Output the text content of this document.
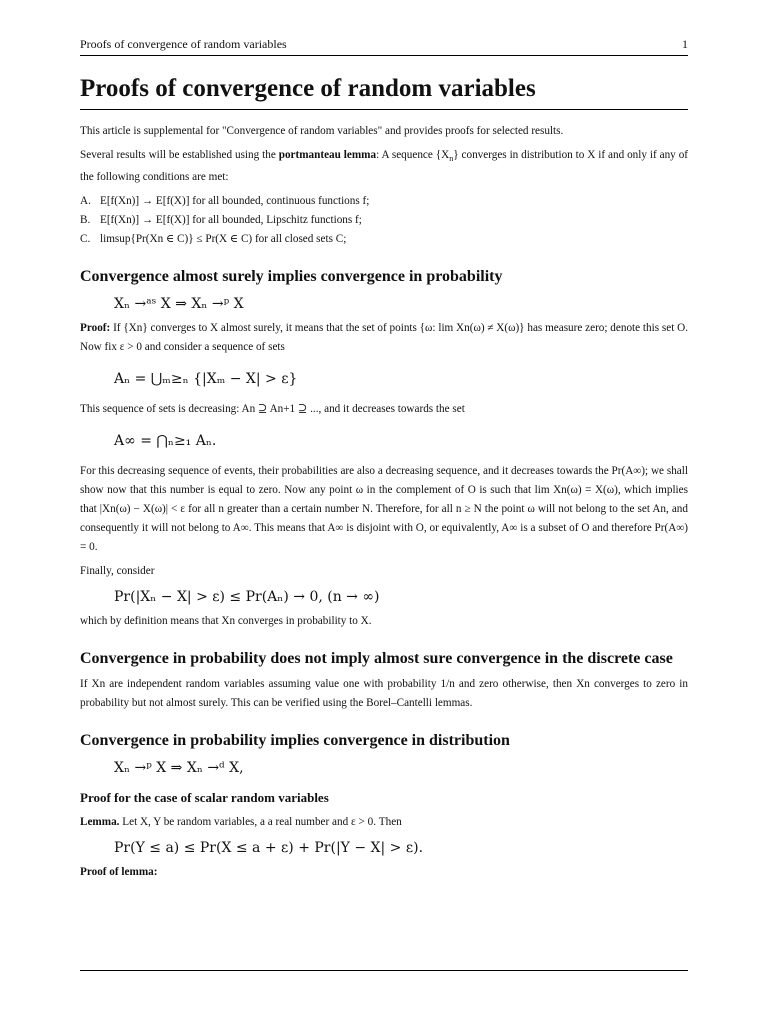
Proofs of convergence of random variables	1
Proofs of convergence of random variables

This article is supplemental for "Convergence of random variables" and provides proofs for selected results.

Several results will be established using the portmanteau lemma: A sequence $\{X_n\}$ converges in distribution to X if and only if any of the following conditions are met:

A. E[f(Xn)] → E[f(X)] for all bounded, continuous functions f;
B. E[f(Xn)] → E[f(X)] for all bounded, Lipschitz functions f;
C. limsup{Pr(Xn ∈ C)} ≤ Pr(X ∈ C) for all closed sets C;
Convergence almost surely implies convergence in probability
Xₙ →ᵃˢ X ⇒ Xₙ →ᵖ X

Proof: If {Xn} converges to X almost surely, it means that the set of points {ω: lim Xn(ω) ≠ X(ω)} has measure zero; denote this set O. Now fix ε > 0 and consider a sequence of sets

Aₙ = ⋃ₘ≥ₙ {|Xₘ − X| > ε}

This sequence of sets is decreasing: An ⊇ An+1 ⊇ ..., and it decreases towards the set

A∞ = ⋂ₙ≥₁ Aₙ.

For this decreasing sequence of events, their probabilities are also a decreasing sequence, and it decreases towards the Pr(A∞); we shall show now that this number is equal to zero. Now any point ω in the complement of O is such that lim Xn(ω) = X(ω), which implies that |Xn(ω) − X(ω)| < ε for all n greater than a certain number N. Therefore, for all n ≥ N the point ω will not belong to the set An, and consequently it will not belong to A∞. This means that A∞ is disjoint with O, or equivalently, A∞ is a subset of O and therefore Pr(A∞) = 0.

Finally, consider

Pr(|Xₙ − X| > ε) ≤ Pr(Aₙ) → 0, (n → ∞)

which by definition means that Xn converges in probability to X.

Convergence in probability does not imply almost sure convergence in the discrete case

If Xn are independent random variables assuming value one with probability 1/n and zero otherwise, then Xn converges to zero in probability but not almost surely. This can be verified using the Borel–Cantelli lemmas.

Convergence in probability implies convergence in distribution
Xₙ →ᵖ X ⇒ Xₙ →ᵈ X,
Proof for the case of scalar random variables

Lemma. Let X, Y be random variables, a a real number and ε > 0. Then

Pr(Y ≤ a) ≤ Pr(X ≤ a + ε) + Pr(|Y − X| > ε).

Proof of lemma:
